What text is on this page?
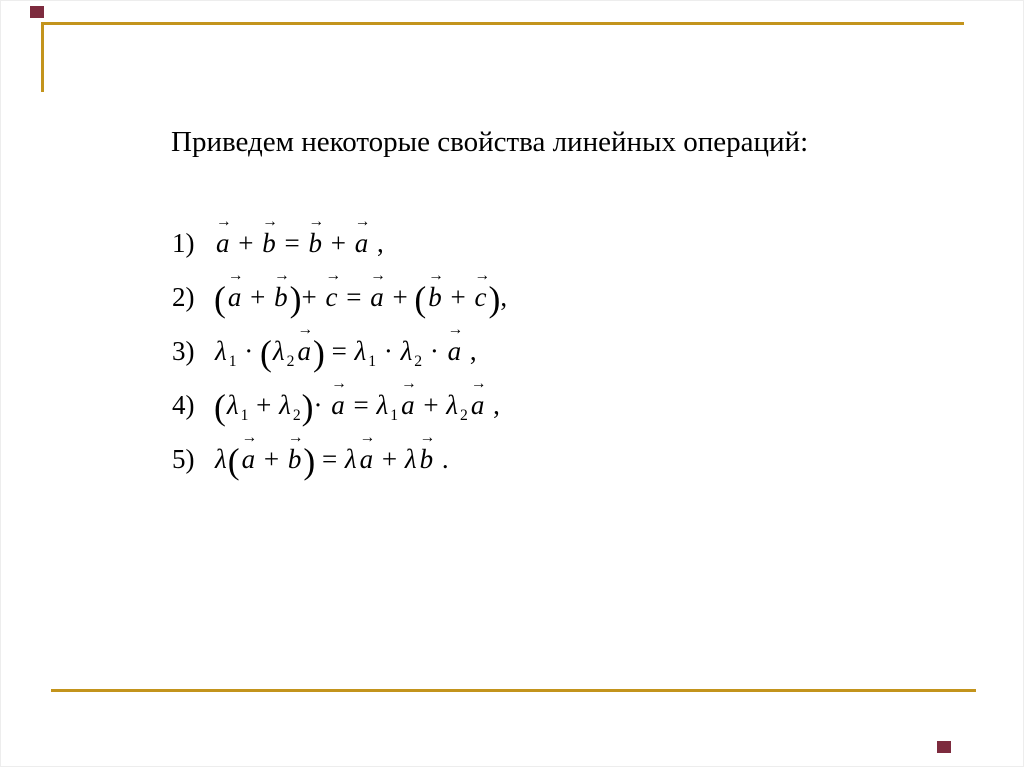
Приведем некоторые свойства линейных операций:
1) → a + → b = → b + → a ,
2) (→ a + → b)+ → c = → a + (→ b + → c),
3) λ $_1$ · (λ $_2$ → a) = λ $_1$ · λ $_2$ · → a ,
4) (λ $_1$ + λ $_2$)· → a = λ $_1$ → a + λ $_2$ → a ,
5) λ(→ a + → b) = λ → a + λ → b .
